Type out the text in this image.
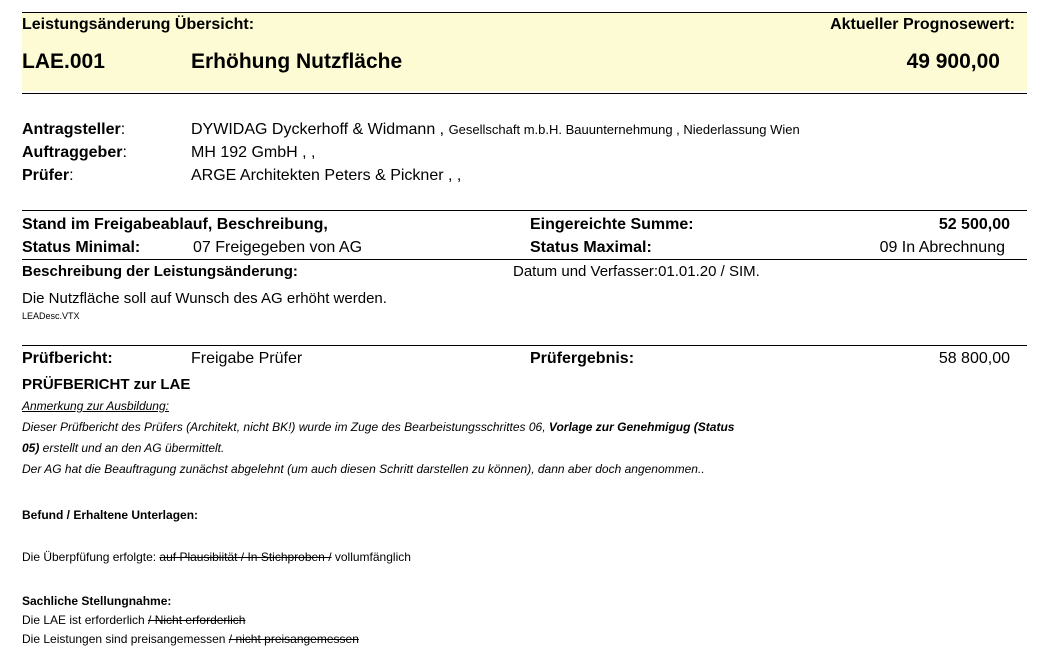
Leistungsänderung Übersicht:	Aktueller Prognosewert:
LAE.001	Erhöhung Nutzfläche	49 900,00
Antragsteller:	DYWIDAG Dyckerhoff & Widmann , Gesellschaft m.b.H. Bauunternehmung , Niederlassung Wien
Auftraggeber:	MH 192 GmbH , ,
Prüfer:	ARGE Architekten Peters & Pickner , ,
Stand im Freigabeablauf, Beschreibung,	Eingereichte Summe:	52 500,00
Status Minimal:	07 Freigegeben von AG	Status Maximal:	09 In Abrechnung
Beschreibung der Leistungsänderung:	Datum und Verfasser:01.01.20 / SIM.
Die Nutzfläche soll auf Wunsch des AG erhöht werden.
LEADesc.VTX
Prüfbericht:	Freigabe Prüfer	Prüfergebnis:	58 800,00
PRÜFBERICHT zur LAE
Anmerkung zur Ausbildung:
Dieser Prüfbericht des Prüfers (Architekt, nicht BK!) wurde im Zuge des Bearbeistungsschrittes 06, Vorlage zur Genehmigug (Status
05) erstellt und an den AG übermittelt.
Der AG hat die Beauftragung zunächst abgelehnt (um auch diesen Schritt darstellen zu können), dann aber doch angenommen..
Befund / Erhaltene Unterlagen:
Die Überpfüfung erfolgte: auf Plausibiität / In Stichproben / vollumfänglich
Sachliche Stellungnahme:
Die LAE ist erforderlich / Nicht erforderlich
Die Leistungen sind preisangemessen / nicht preisangemessen
